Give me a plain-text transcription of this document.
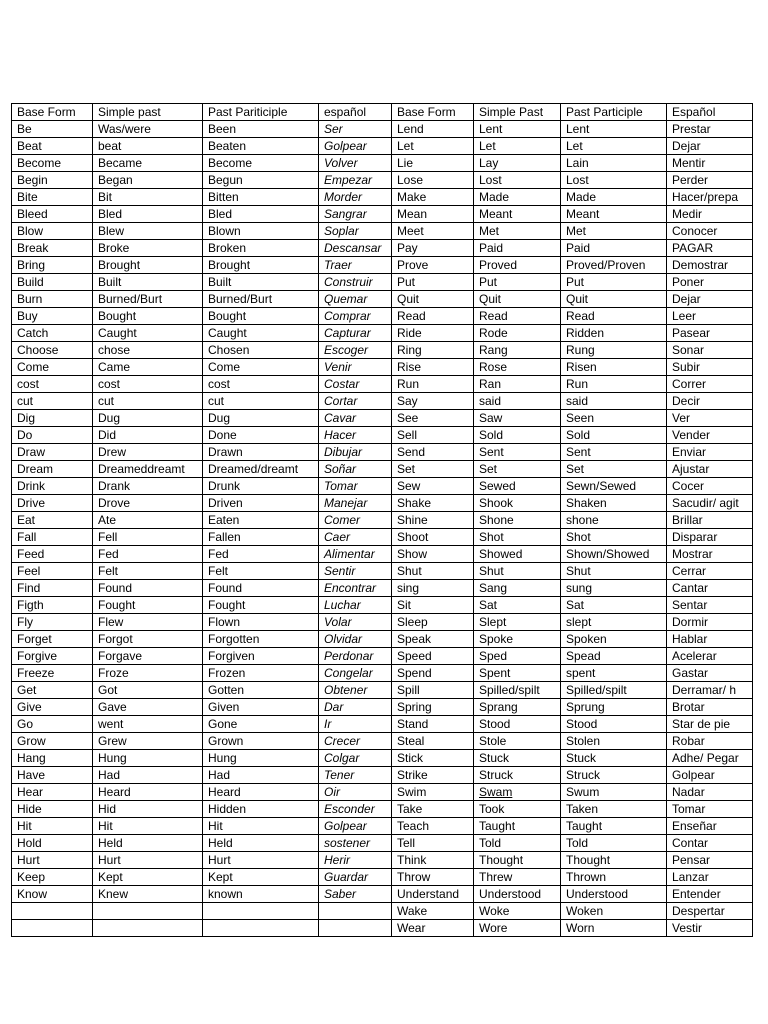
Base Form	Simple past	Past Pariticiple	español	Base Form	Simple Past	Past Participle	Español
Be	Was/were	Been	Ser	Lend	Lent	Lent	Prestar
Beat	beat	Beaten	Golpear	Let	Let	Let	Dejar
Become	Became	Become	Volver	Lie	Lay	Lain	Mentir
Begin	Began	Begun	Empezar	Lose	Lost	Lost	Perder
Bite	Bit	Bitten	Morder	Make	Made	Made	Hacer/prepa
Bleed	Bled	Bled	Sangrar	Mean	Meant	Meant	Medir
Blow	Blew	Blown	Soplar	Meet	Met	Met	Conocer
Break	Broke	Broken	Descansar	Pay	Paid	Paid	PAGAR
Bring	Brought	Brought	Traer	Prove	Proved	Proved/Proven	Demostrar
Build	Built	Built	Construir	Put	Put	Put	Poner
Burn	Burned/Burt	Burned/Burt	Quemar	Quit	Quit	Quit	Dejar
Buy	Bought	Bought	Comprar	Read	Read	Read	Leer
Catch	Caught	Caught	Capturar	Ride	Rode	Ridden	Pasear
Choose	chose	Chosen	Escoger	Ring	Rang	Rung	Sonar
Come	Came	Come	Venir	Rise	Rose	Risen	Subir
cost	cost	cost	Costar	Run	Ran	Run	Correr
cut	cut	cut	Cortar	Say	said	said	Decir
Dig	Dug	Dug	Cavar	See	Saw	Seen	Ver
Do	Did	Done	Hacer	Sell	Sold	Sold	Vender
Draw	Drew	Drawn	Dibujar	Send	Sent	Sent	Enviar
Dream	Dreameddreamt	Dreamed/dreamt	Soñar	Set	Set	Set	Ajustar
Drink	Drank	Drunk	Tomar	Sew	Sewed	Sewn/Sewed	Cocer
Drive	Drove	Driven	Manejar	Shake	Shook	Shaken	Sacudir/ agit
Eat	Ate	Eaten	Comer	Shine	Shone	shone	Brillar
Fall	Fell	Fallen	Caer	Shoot	Shot	Shot	Disparar
Feed	Fed	Fed	Alimentar	Show	Showed	Shown/Showed	Mostrar
Feel	Felt	Felt	Sentir	Shut	Shut	Shut	Cerrar
Find	Found	Found	Encontrar	sing	Sang	sung	Cantar
Figth	Fought	Fought	Luchar	Sit	Sat	Sat	Sentar
Fly	Flew	Flown	Volar	Sleep	Slept	slept	Dormir
Forget	Forgot	Forgotten	Olvidar	Speak	Spoke	Spoken	Hablar
Forgive	Forgave	Forgiven	Perdonar	Speed	Sped	Spead	Acelerar
Freeze	Froze	Frozen	Congelar	Spend	Spent	spent	Gastar
Get	Got	Gotten	Obtener	Spill	Spilled/spilt	Spilled/spilt	Derramar/ h
Give	Gave	Given	Dar	Spring	Sprang	Sprung	Brotar
Go	went	Gone	Ir	Stand	Stood	Stood	Star de pie
Grow	Grew	Grown	Crecer	Steal	Stole	Stolen	Robar
Hang	Hung	Hung	Colgar	Stick	Stuck	Stuck	Adhe/ Pegar
Have	Had	Had	Tener	Strike	Struck	Struck	Golpear
Hear	Heard	Heard	Oir	Swim	Swam	Swum	Nadar
Hide	Hid	Hidden	Esconder	Take	Took	Taken	Tomar
Hit	Hit	Hit	Golpear	Teach	Taught	Taught	Enseñar
Hold	Held	Held	sostener	Tell	Told	Told	Contar
Hurt	Hurt	Hurt	Herir	Think	Thought	Thought	Pensar
Keep	Kept	Kept	Guardar	Throw	Threw	Thrown	Lanzar
Know	Knew	known	Saber	Understand	Understood	Understood	Entender
				Wake	Woke	Woken	Despertar
				Wear	Wore	Worn	Vestir
